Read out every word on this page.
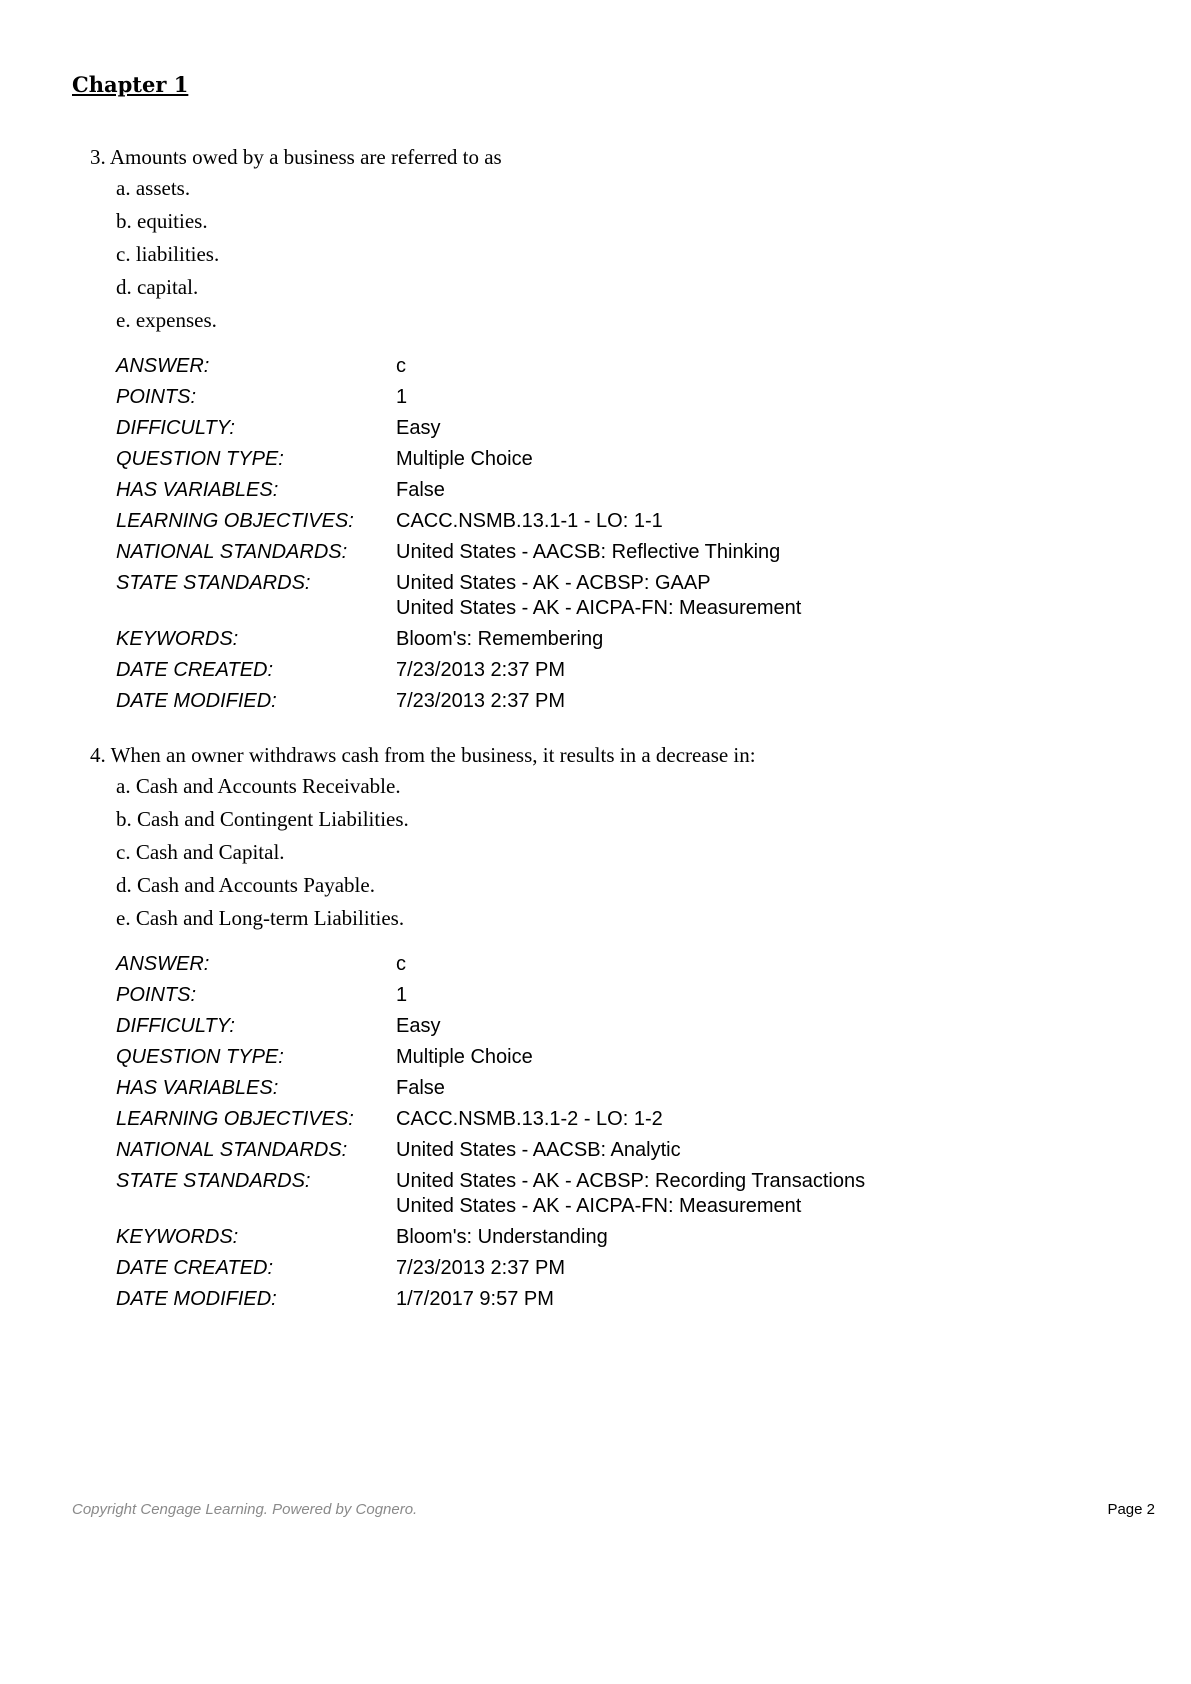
Chapter 1

3. Amounts owed by a business are referred to as

a. assets.
b. equities.
c. liabilities.
d. capital.
e. expenses.
ANSWER:	c
POINTS:	1
DIFFICULTY:	Easy
QUESTION TYPE:	Multiple Choice
HAS VARIABLES:	False
LEARNING OBJECTIVES:	CACC.NSMB.13.1-1 - LO: 1-1
NATIONAL STANDARDS:	United States - AACSB: Reflective Thinking
STATE STANDARDS:	United States - AK - ACBSP: GAAP
United States - AK - AICPA-FN: Measurement

KEYWORDS:	Bloom's: Remembering
DATE CREATED:	7/23/2013 2:37 PM
DATE MODIFIED:	7/23/2013 2:37 PM

4. When an owner withdraws cash from the business, it results in a decrease in:

a. Cash and Accounts Receivable.
b. Cash and Contingent Liabilities.
c. Cash and Capital.
d. Cash and Accounts Payable.
e. Cash and Long-term Liabilities.
ANSWER:	c
POINTS:	1
DIFFICULTY:	Easy
QUESTION TYPE:	Multiple Choice
HAS VARIABLES:	False
LEARNING OBJECTIVES:	CACC.NSMB.13.1-2 - LO: 1-2
NATIONAL STANDARDS:	United States - AACSB: Analytic
STATE STANDARDS:	United States - AK - ACBSP: Recording Transactions
United States - AK - AICPA-FN: Measurement

KEYWORDS:	Bloom's: Understanding
DATE CREATED:	7/23/2013 2:37 PM
DATE MODIFIED:	1/7/2017 9:57 PM
Copyright Cengage Learning. Powered by Cognero.	Page 2
